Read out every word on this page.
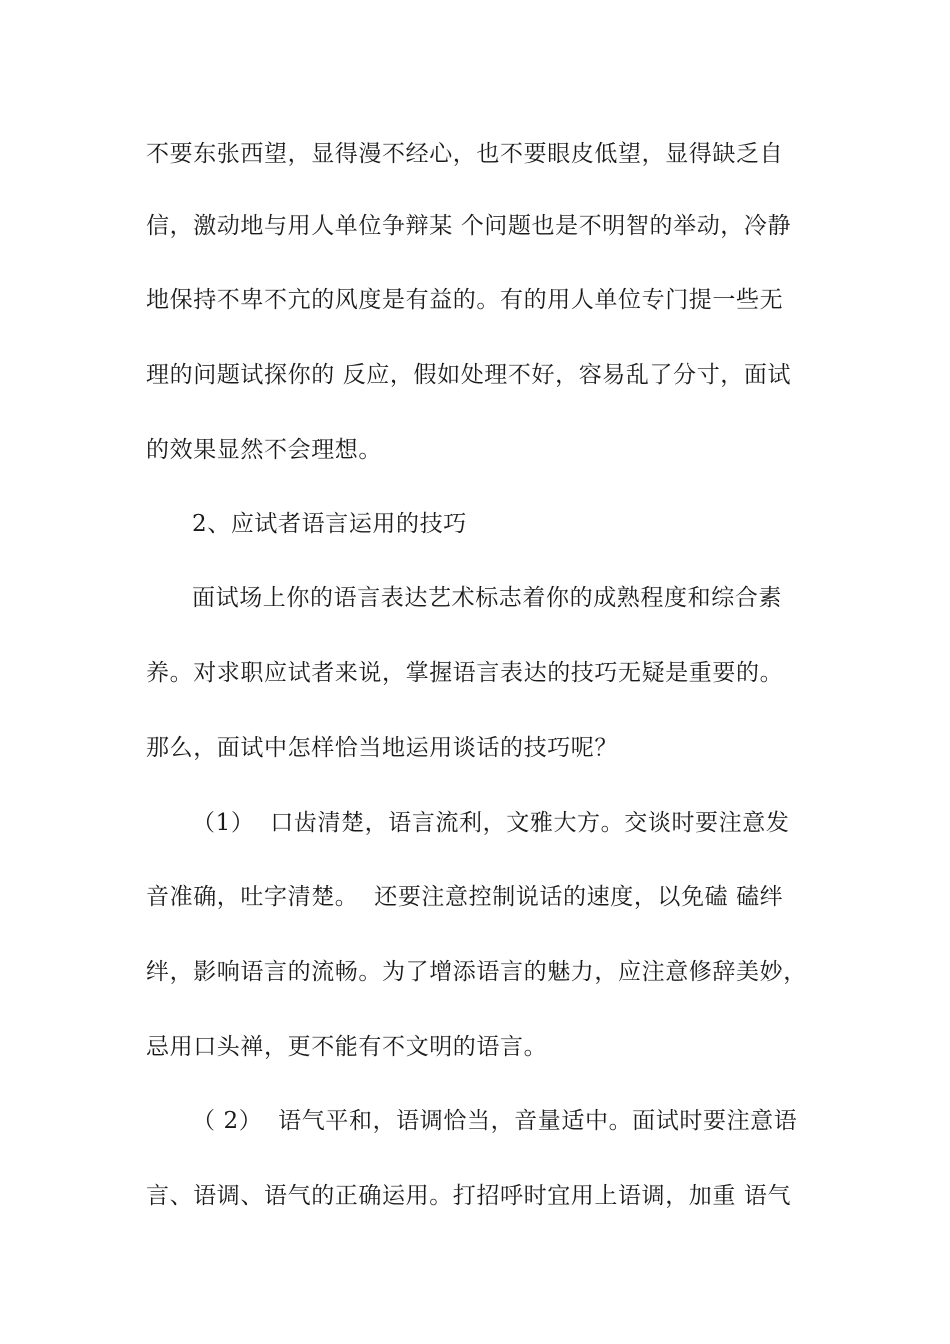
不要东张西望，显得漫不经心，也不要眼皮低望，显得缺乏自
信，激动地与用人单位争辩某 个问题也是不明智的举动，冷静
地保持不卑不亢的风度是有益的。有的用人单位专门提一些无
理的问题试探你的 反应，假如处理不好，容易乱了分寸，面试
的效果显然不会理想。
2、应试者语言运用的技巧
面试场上你的语言表达艺术标志着你的成熟程度和综合素
养。对求职应试者来说，掌握语言表达的技巧无疑是重要的。
那么，面试中怎样恰当地运用谈话的技巧呢？
（1）  口齿清楚，语言流利，文雅大方。交谈时要注意发
音准确，吐字清楚。  还要注意控制说话的速度，以免磕 磕绊
绊，影响语言的流畅。为了增添语言的魅力，应注意修辞美妙，
忌用口头禅，更不能有不文明的语言。
（ 2）  语气平和，语调恰当，音量适中。面试时要注意语
言、语调、语气的正确运用。打招呼时宜用上语调，加重 语气
